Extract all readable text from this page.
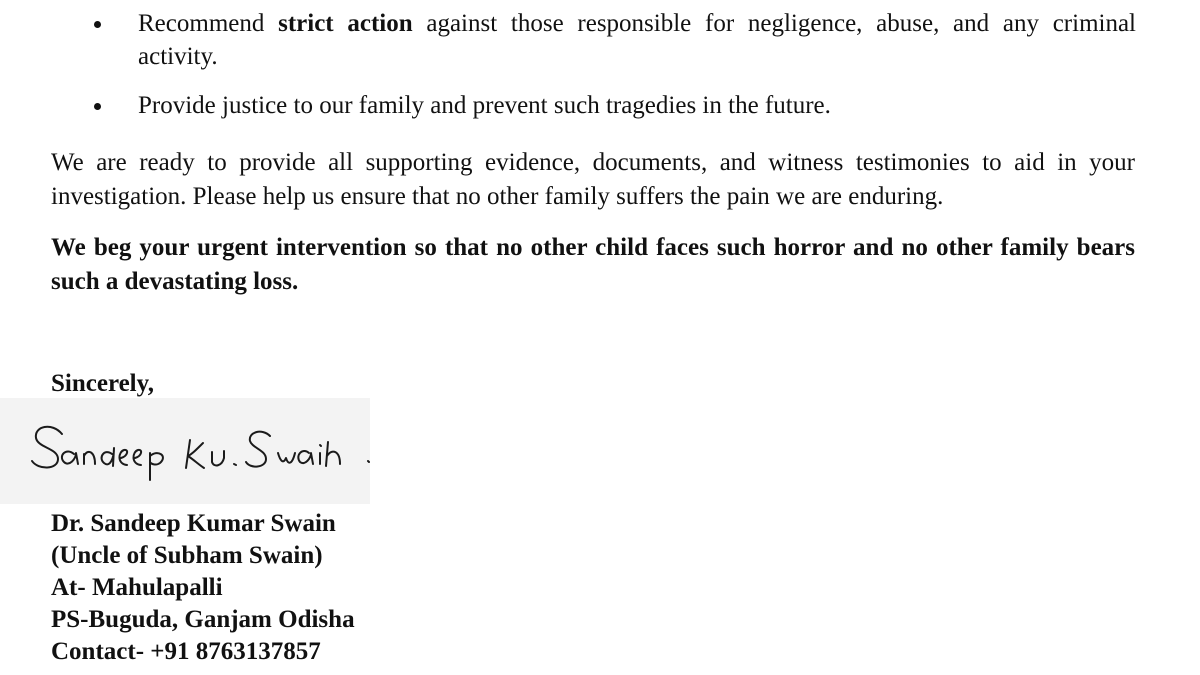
Recommend strict action against those responsible for negligence, abuse, and any criminal activity.
Provide justice to our family and prevent such tragedies in the future.

We are ready to provide all supporting evidence, documents, and witness testimonies to aid in your investigation. Please help us ensure that no other family suffers the pain we are enduring.

We beg your urgent intervention so that no other child faces such horror and no other family bears such a devastating loss.

Sincerely,

Dr. Sandeep Kumar Swain
(Uncle of Subham Swain)
At- Mahulapalli
PS-Buguda, Ganjam Odisha
Contact- +91 8763137857
